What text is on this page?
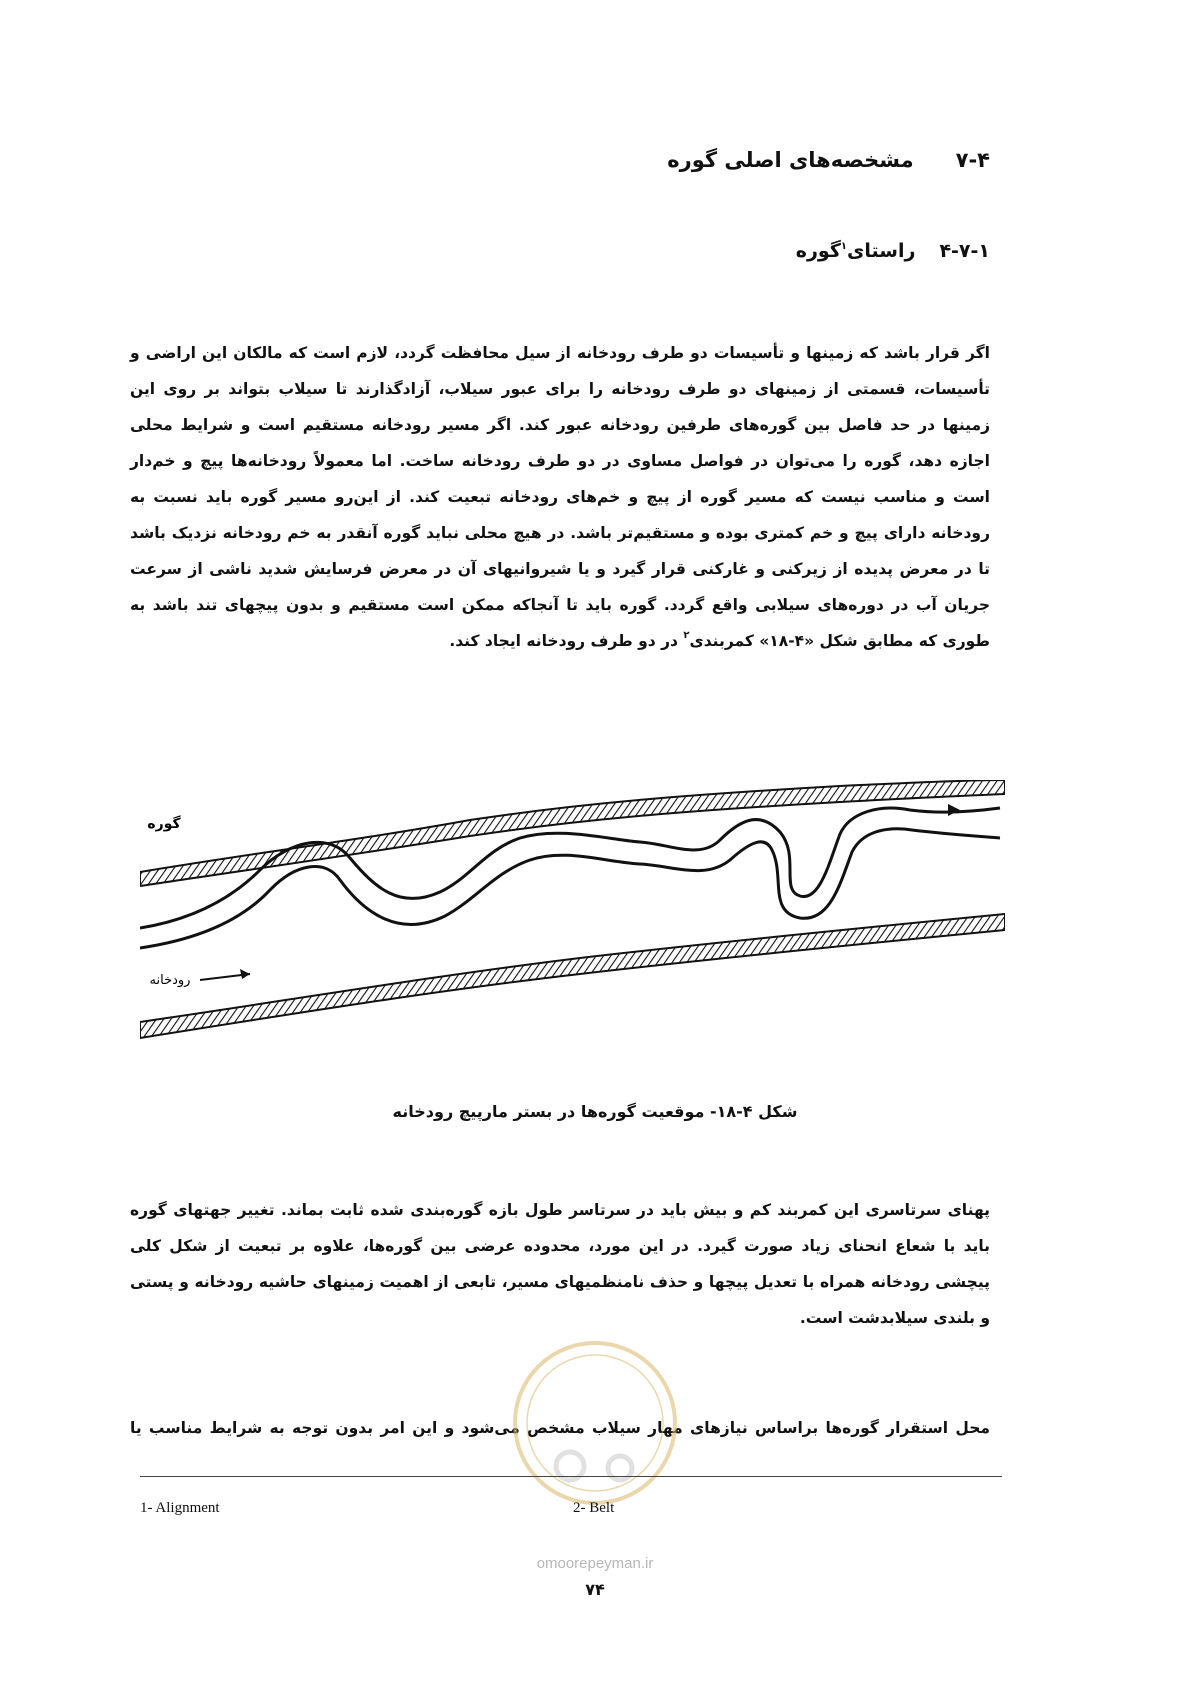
۷-۴مشخصه‌های اصلی گوره
۴-۷-۱راستای$^۱$گوره
اگر قرار باشد که زمینها و تأسیسات دو طرف رودخانه از سیل محافظت گردد، لازم است که مالکان این اراضی و تأسیسات، قسمتی از زمینهای دو طرف رودخانه را برای عبور سیلاب، آزادگذارند تا سیلاب بتواند بر روی این زمینها در حد فاصل بین گوره‌های طرفین رودخانه عبور کند. اگر مسیر رودخانه مستقیم است و شرایط محلی اجازه دهد، گوره را می‌توان در فواصل مساوی در دو طرف رودخانه ساخت. اما معمولاً رودخانه‌ها پیچ و خم‌دار است و مناسب نیست که مسیر گوره از پیچ و خم‌های رودخانه تبعیت کند. از این‌رو مسیر گوره باید نسبت به رودخانه دارای پیچ و خم کمتری بوده و مستقیم‌تر باشد. در هیچ محلی نباید گوره آنقدر به خم رودخانه نزدیک باشد تا در معرض پدیده از زیرکنی و غارکنی قرار گیرد و یا شیروانیهای آن در معرض فرسایش شدید ناشی از سرعت جریان آب در دوره‌های سیلابی واقع گردد. گوره باید تا آنجاکه ممکن است مستقیم و بدون پیچهای تند باشد به طوری که مطابق شکل «۴-۱۸» کمربندی$^۲$ در دو طرف رودخانه ایجاد کند.
گوره
رودخانه
شکل ۴-۱۸- موقعیت گوره‌ها در بستر مارپیچ رودخانه
پهنای سرتاسری این کمربند کم و بیش باید در سرتاسر طول بازه گوره‌بندی شده ثابت بماند. تغییر جهتهای گوره باید با شعاع انحنای زیاد صورت گیرد. در این مورد، محدوده عرضی بین گوره‌ها، علاوه بر تبعیت از شکل کلی پیچشی رودخانه همراه با تعدیل پیچها و حذف نامنظمیهای مسیر، تابعی از اهمیت زمینهای حاشیه رودخانه و پستی و بلندی سیلابدشت است.
محل استقرار گوره‌ها براساس نیازهای مهار سیلاب مشخص می‌شود و این امر بدون توجه به شرایط مناسب یا
1- Alignment	2- Belt
omoorepeyman.ir
۷۴
